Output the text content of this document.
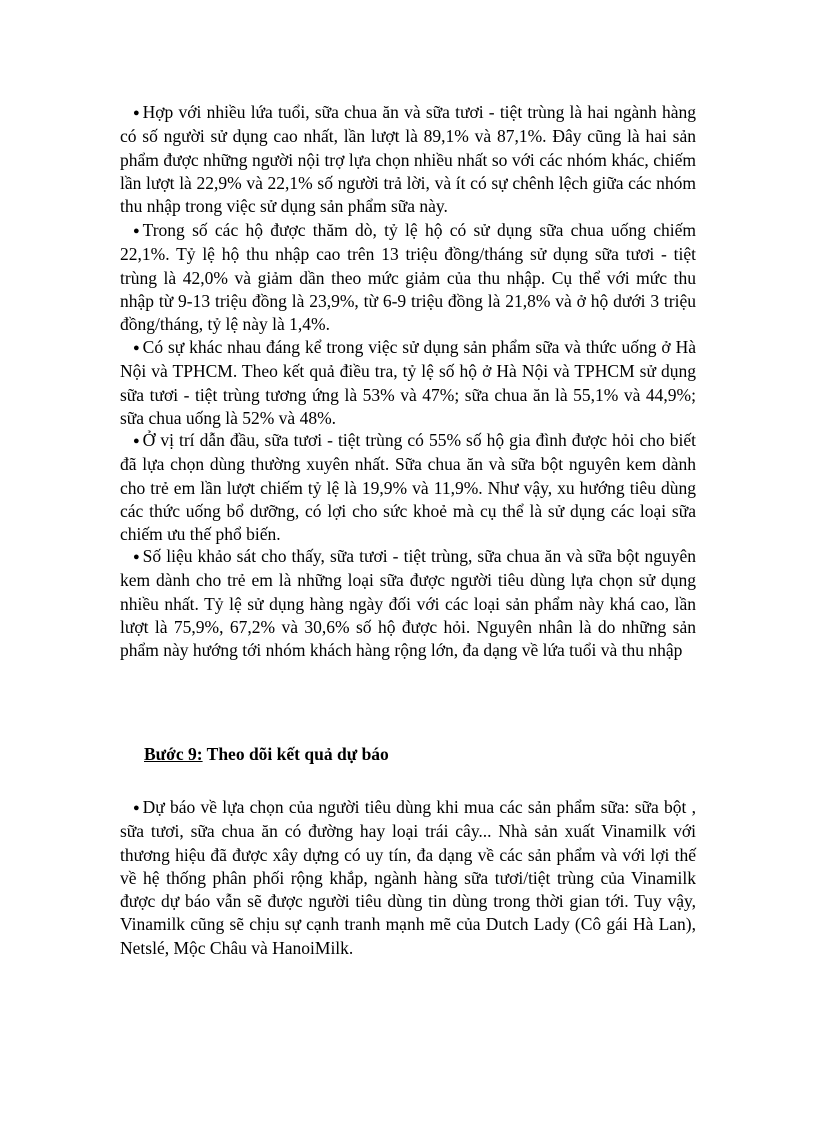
● Hợp với nhiều lứa tuổi, sữa chua ăn và sữa tươi - tiệt trùng là hai ngành hàng có số người sử dụng cao nhất, lần lượt là 89,1% và 87,1%. Đây cũng là hai sản phẩm được những người nội trợ lựa chọn nhiều nhất so với các nhóm khác, chiếm lần lượt là 22,9% và 22,1% số người trả lời, và ít có sự chênh lệch giữa các nhóm thu nhập trong việc sử dụng sản phẩm sữa này.

● Trong số các hộ được thăm dò, tỷ lệ hộ có sử dụng sữa chua uống chiếm 22,1%. Tỷ lệ hộ thu nhập cao trên 13 triệu đồng/tháng sử dụng sữa tươi - tiệt trùng là 42,0% và giảm dần theo mức giảm của thu nhập. Cụ thể với mức thu nhập từ 9-13 triệu đồng là 23,9%, từ 6-9 triệu đồng là 21,8% và ở hộ dưới 3 triệu đồng/tháng, tỷ lệ này là 1,4%.

● Có sự khác nhau đáng kể trong việc sử dụng sản phẩm sữa và thức uống ở Hà Nội và TPHCM. Theo kết quả điều tra, tỷ lệ số hộ ở Hà Nội và TPHCM sử dụng sữa tươi - tiệt trùng tương ứng là 53% và 47%; sữa chua ăn là 55,1% và 44,9%; sữa chua uống là 52% và 48%.

● Ở vị trí dẫn đầu, sữa tươi - tiệt trùng có 55% số hộ gia đình được hỏi cho biết đã lựa chọn dùng thường xuyên nhất. Sữa chua ăn và sữa bột nguyên kem dành cho trẻ em lần lượt chiếm tỷ lệ là 19,9% và 11,9%. Như vậy, xu hướng tiêu dùng các thức uống bổ dưỡng, có lợi cho sức khoẻ mà cụ thể là sử dụng các loại sữa chiếm ưu thế phổ biến.

● Số liệu khảo sát cho thấy, sữa tươi - tiệt trùng, sữa chua ăn và sữa bột nguyên kem dành cho trẻ em là những loại sữa được người tiêu dùng lựa chọn sử dụng nhiều nhất. Tỷ lệ sử dụng hàng ngày đối với các loại sản phẩm này khá cao, lần lượt là 75,9%, 67,2% và 30,6% số hộ được hỏi. Nguyên nhân là do những sản phẩm này hướng tới nhóm khách hàng rộng lớn, đa dạng về lứa tuổi và thu nhập

Bước 9: Theo dõi kết quả dự báo

● Dự báo về lựa chọn của người tiêu dùng khi mua các sản phẩm sữa: sữa bột , sữa tươi, sữa chua ăn có đường hay loại trái cây... Nhà sản xuất Vinamilk với thương hiệu đã được xây dựng có uy tín, đa dạng về các sản phẩm và với lợi thế về hệ thống phân phối rộng khắp, ngành hàng sữa tươi/tiệt trùng của Vinamilk được dự báo vẫn sẽ được người tiêu dùng tin dùng trong thời gian tới. Tuy vậy, Vinamilk cũng sẽ chịu sự cạnh tranh mạnh mẽ của Dutch Lady (Cô gái Hà Lan), Netslé, Mộc Châu và HanoiMilk.
